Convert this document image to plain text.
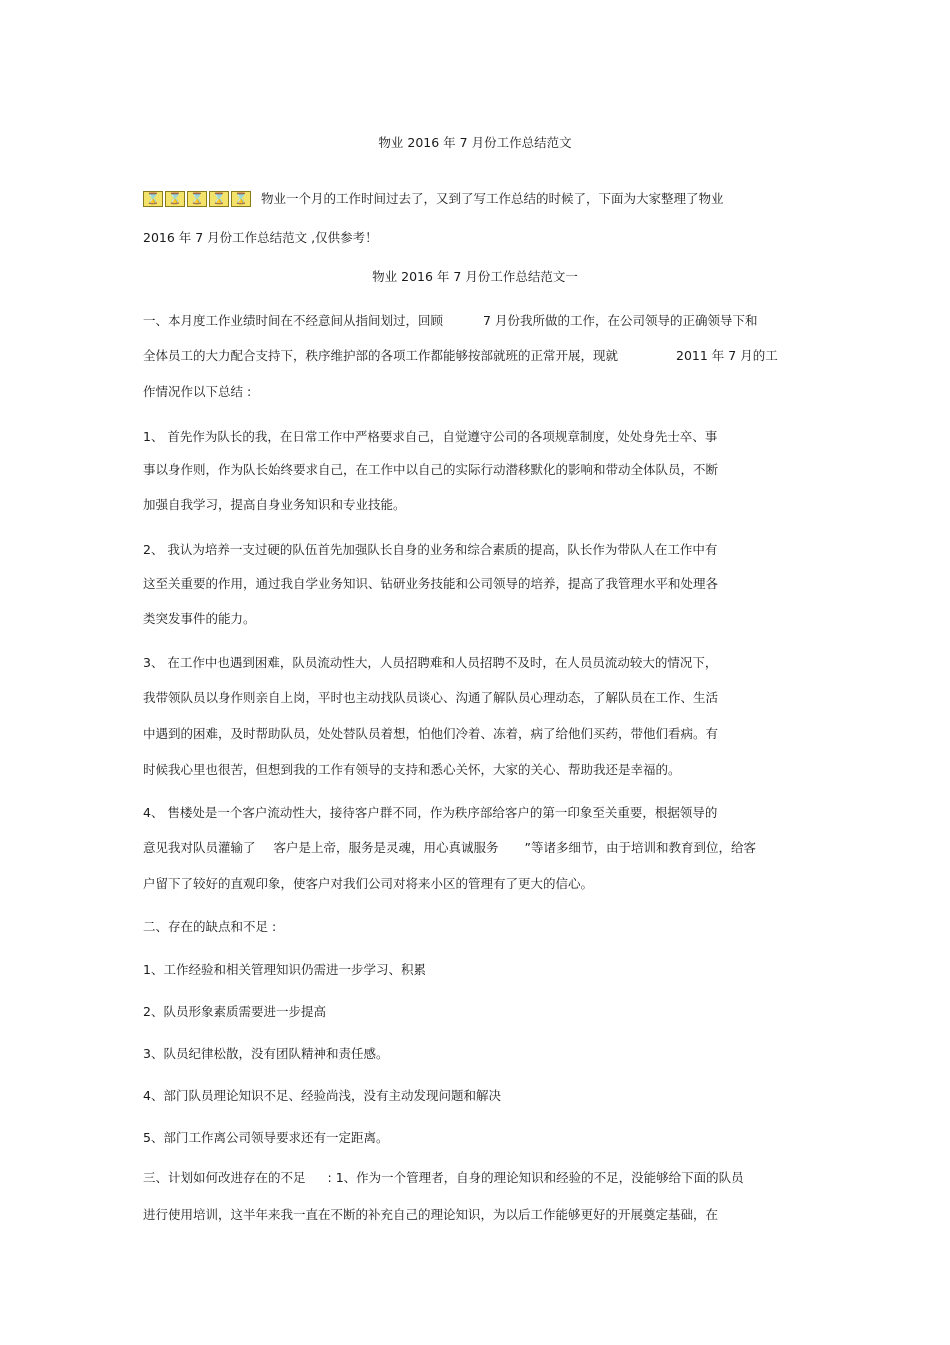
物业 2016 年 7 月份工作总结范文
⌛ ⌛ ⌛ ⌛ ⌛ 物业一个月的工作时间过去了，又到了写工作总结的时候了，下面为大家整理了物业
2016 年 7 月份工作总结范文 ,仅供参考！
物业 2016 年 7 月份工作总结范文一
一、本月度工作业绩时间在不经意间从指间划过，回顾	7 月份我所做的工作，在公司领导的正确领导下和
全体员工的大力配合支持下，秩序维护部的各项工作都能够按部就班的正常开展，现就	2011 年 7 月的工
作情况作以下总结 :
1、 首先作为队长的我，在日常工作中严格要求自己，自觉遵守公司的各项规章制度，处处身先士卒、事
事以身作则，作为队长始终要求自己，在工作中以自己的实际行动潜移默化的影响和带动全体队员，不断
加强自我学习，提高自身业务知识和专业技能。
2、 我认为培养一支过硬的队伍首先加强队长自身的业务和综合素质的提高，队长作为带队人在工作中有
这至关重要的作用，通过我自学业务知识、钻研业务技能和公司领导的培养，提高了我管理水平和处理各
类突发事件的能力。
3、 在工作中也遇到困难，队员流动性大，人员招聘难和人员招聘不及时，在人员员流动较大的情况下，
我带领队员以身作则亲自上岗，平时也主动找队员谈心、沟通了解队员心理动态，了解队员在工作、生活
中遇到的困难，及时帮助队员，处处替队员着想，怕他们冷着、冻着，病了给他们买药，带他们看病。有
时候我心里也很苦，但想到我的工作有领导的支持和悉心关怀，大家的关心、帮助我还是幸福的。
4、 售楼处是一个客户流动性大，接待客户群不同，作为秩序部给客户的第一印象至关重要，根据领导的
意见我对队员灌输了 客户是上帝，服务是灵魂，用心真诚服务 ”等诸多细节，由于培训和教育到位，给客
户留下了较好的直观印象，使客户对我们公司对将来小区的管理有了更大的信心。
二、存在的缺点和不足 :
1、工作经验和相关管理知识仍需进一步学习、积累
2、队员形象素质需要进一步提高
3、队员纪律松散，没有团队精神和责任感。
4、部门队员理论知识不足、经验尚浅，没有主动发现问题和解决
5、部门工作离公司领导要求还有一定距离。
三、计划如何改进存在的不足 : 1、作为一个管理者，自身的理论知识和经验的不足，没能够给下面的队员
进行使用培训，这半年来我一直在不断的补充自己的理论知识，为以后工作能够更好的开展奠定基础，在
